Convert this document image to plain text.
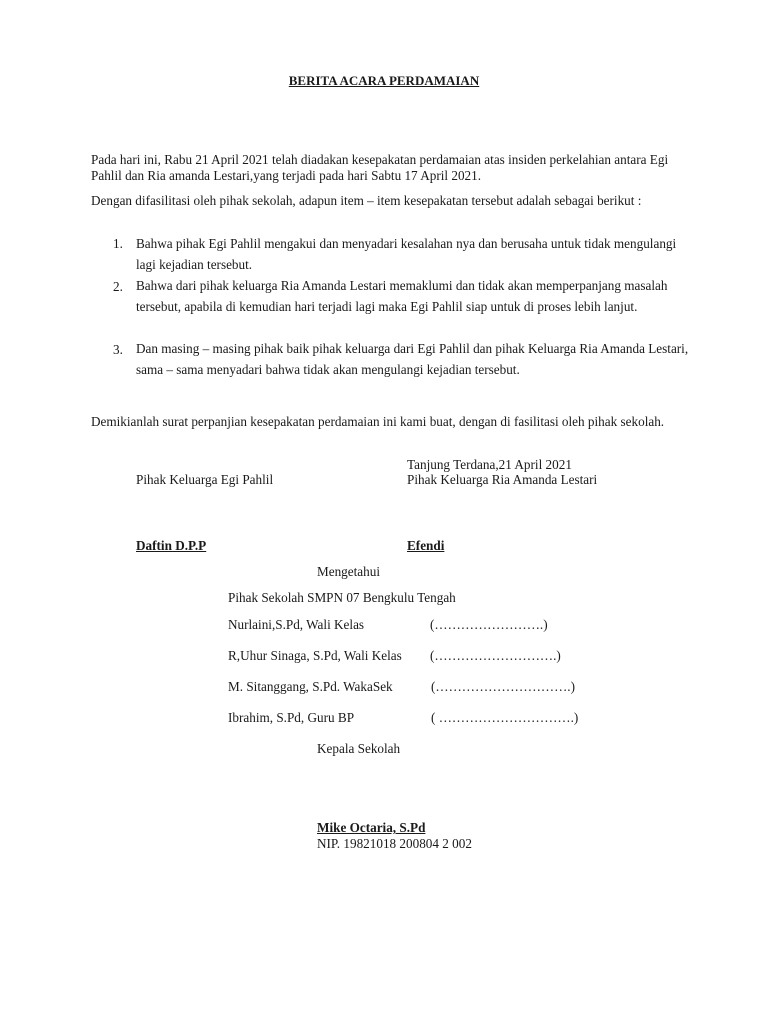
BERITA ACARA PERDAMAIAN
Pada hari ini, Rabu 21 April 2021 telah diadakan kesepakatan perdamaian atas insiden perkelahian antara Egi Pahlil dan Ria amanda Lestari,yang terjadi pada hari Sabtu 17 April 2021.
Dengan difasilitasi oleh pihak sekolah, adapun item – item kesepakatan tersebut adalah sebagai berikut :
1. Bahwa pihak Egi Pahlil mengakui dan menyadari kesalahan nya dan berusaha untuk tidak mengulangi lagi kejadian tersebut.
2. Bahwa dari pihak keluarga Ria Amanda Lestari memaklumi dan tidak akan memperpanjang masalah tersebut, apabila di kemudian hari terjadi lagi maka Egi Pahlil siap untuk di proses lebih lanjut.
3. Dan masing – masing pihak baik pihak keluarga dari Egi Pahlil dan pihak Keluarga Ria Amanda Lestari, sama – sama menyadari bahwa tidak akan mengulangi kejadian tersebut.
Demikianlah surat perpanjian kesepakatan perdamaian ini kami buat, dengan di fasilitasi oleh pihak sekolah.
Tanjung Terdana,21 April 2021
Pihak Keluarga Egi Pahlil	Pihak Keluarga Ria Amanda Lestari
Daftin D.P.P	Efendi
Mengetahui
Pihak Sekolah SMPN 07 Bengkulu Tengah
Nurlaini,S.Pd, Wali Kelas	(…………………….)
R,Uhur Sinaga, S.Pd, Wali Kelas (……………………….)
M. Sitanggang, S.Pd. WakaSek	(………………………….)
Ibrahim, S.Pd, Guru BP	( ………………………….)
Kepala Sekolah
Mike Octaria, S.Pd
NIP. 19821018 200804 2 002
